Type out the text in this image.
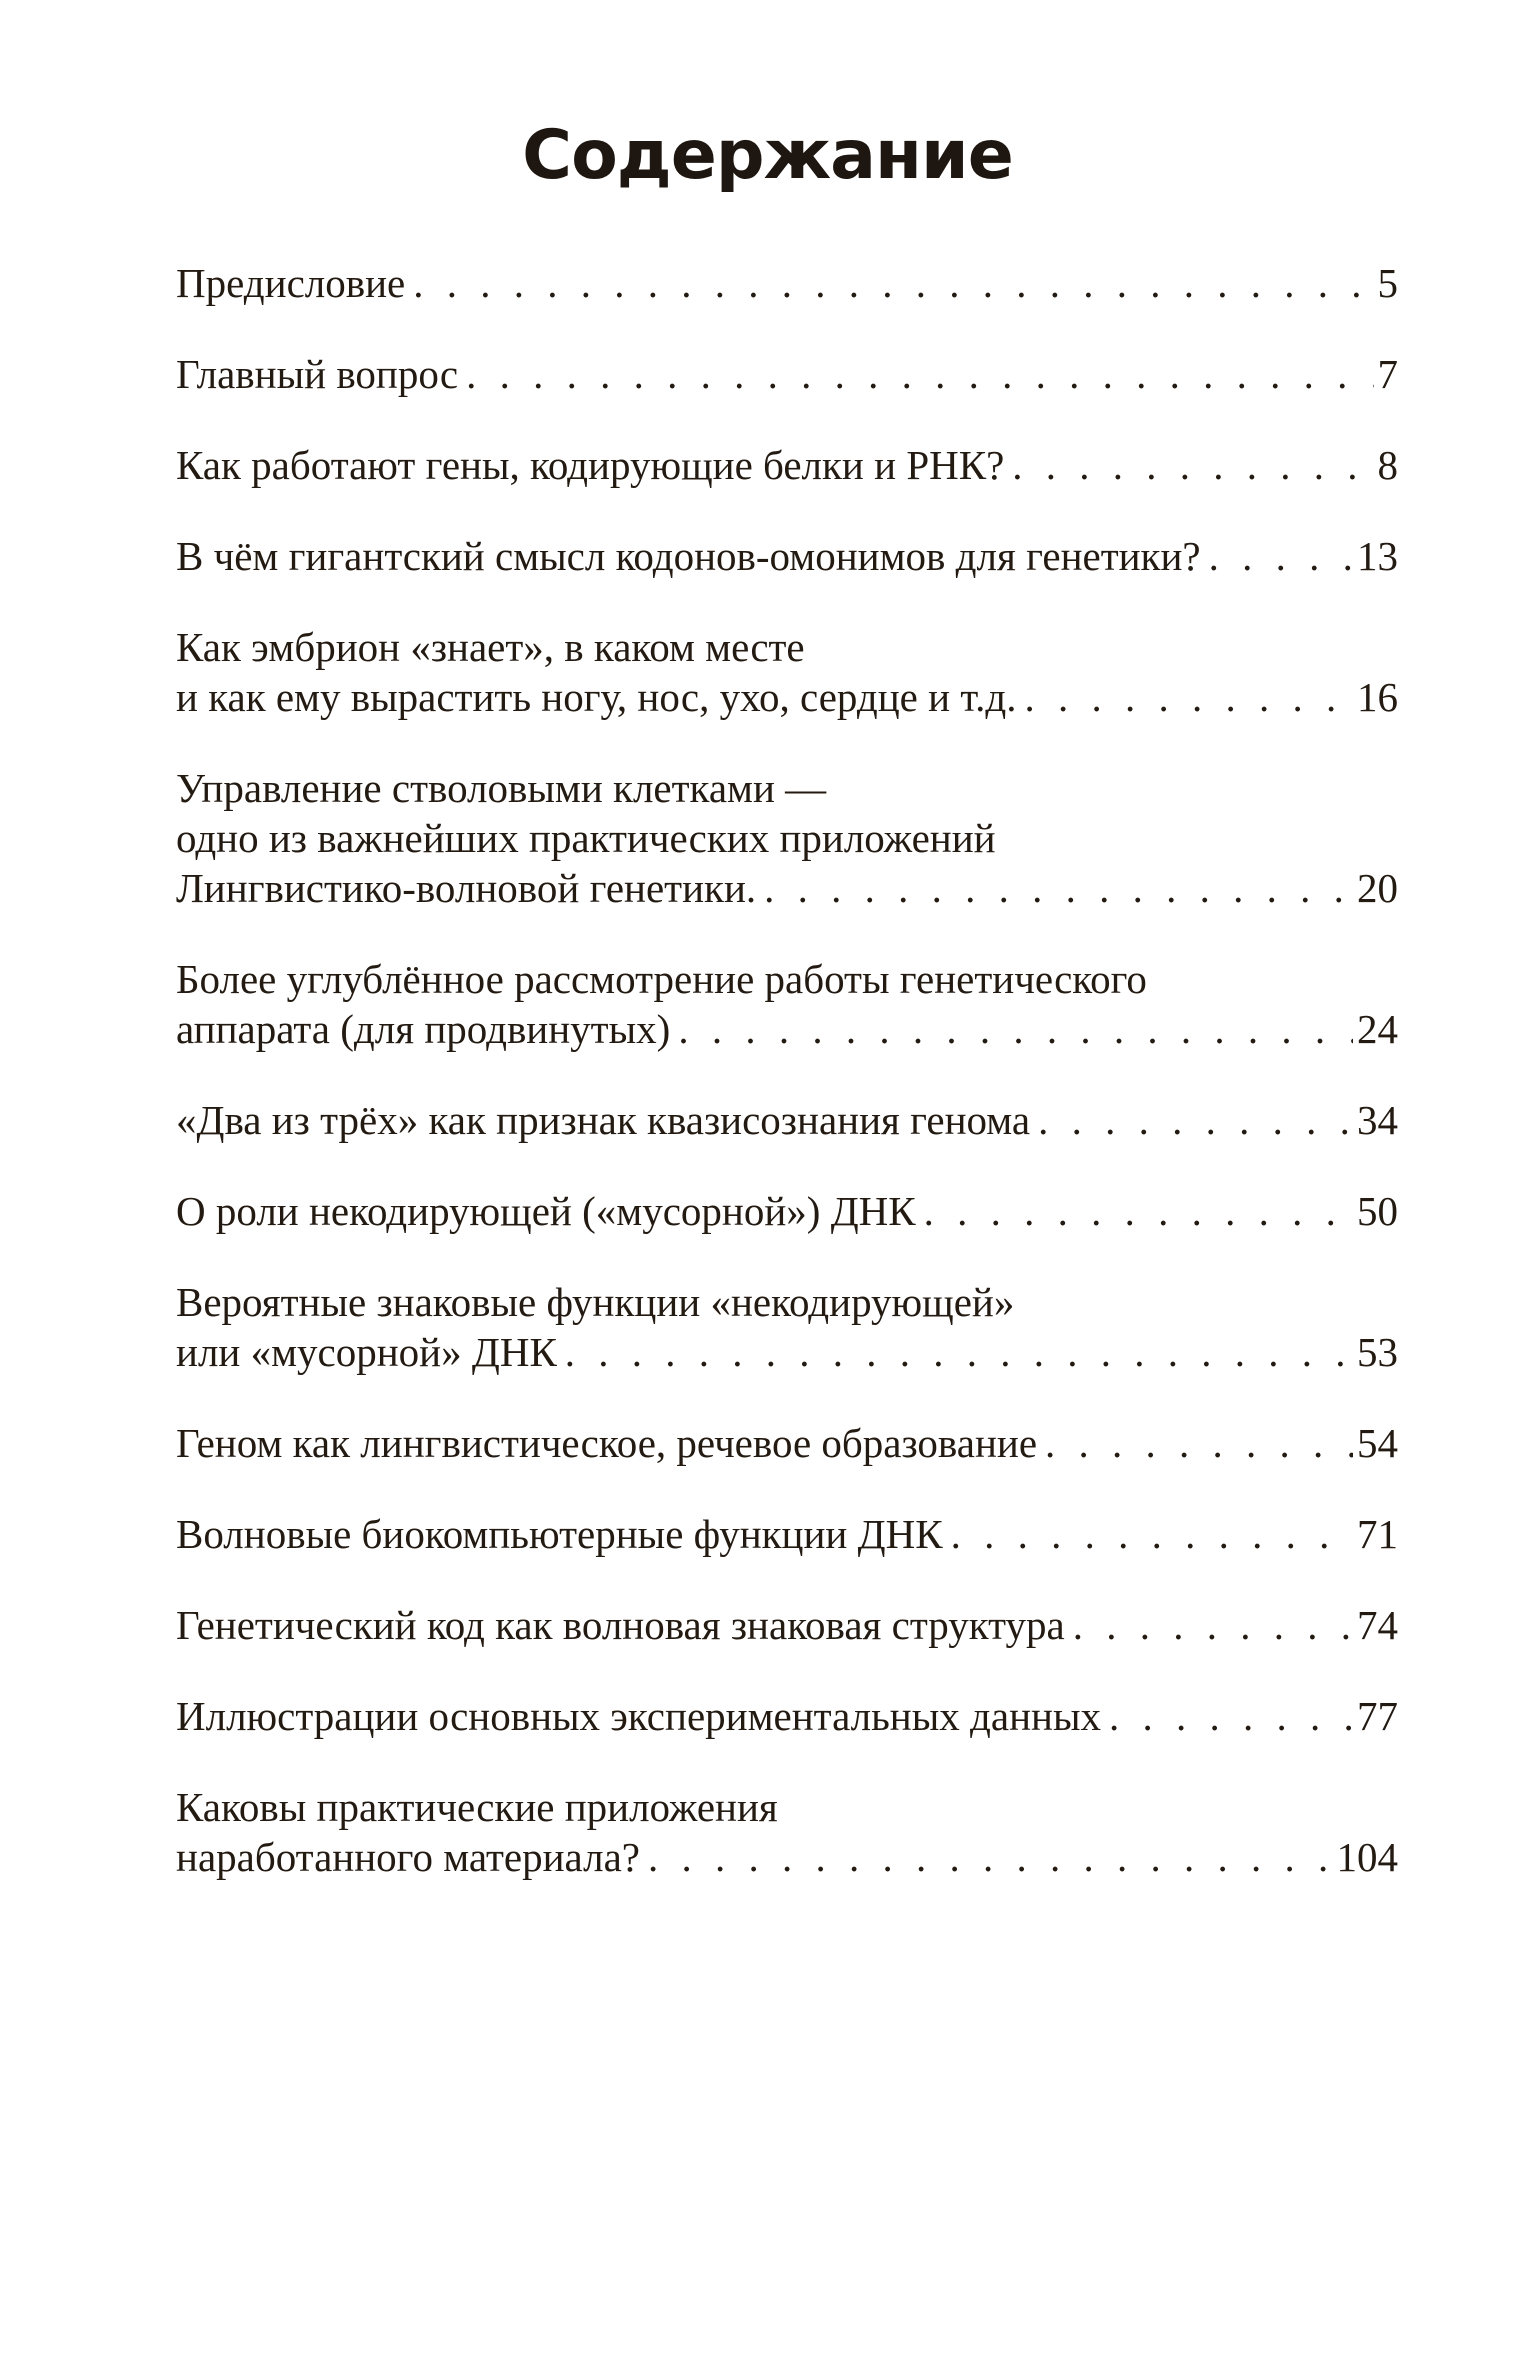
Содержание
Предисловие . . .	5
Главный вопрос . . .	7
Как работают гены, кодирующие белки и РНК? . . .	8
В чём гигантский смысл кодонов-омонимов для генетики? . . .	13
Как эмбрион «знает», в каком месте
и как ему вырастить ногу, нос, ухо, сердце и т.д. . . .	16
Управление стволовыми клетками —
одно из важнейших практических приложений
Лингвистико-волновой генетики. . . .	20
Более углублённое рассмотрение работы генетического
аппарата (для продвинутых) . . .	24
«Два из трёх» как признак квазисознания генома . . .	34
О роли некодирующей («мусорной») ДНК . . .	50
Вероятные знаковые функции «некодирующей»
или «мусорной» ДНК . . .	53
Геном как лингвистическое, речевое образование . . .	54
Волновые биокомпьютерные функции ДНК . . .	71
Генетический код как волновая знаковая структура . . .	74
Иллюстрации основных экспериментальных данных . . .	77
Каковы практические приложения
наработанного материала? . . .	104
